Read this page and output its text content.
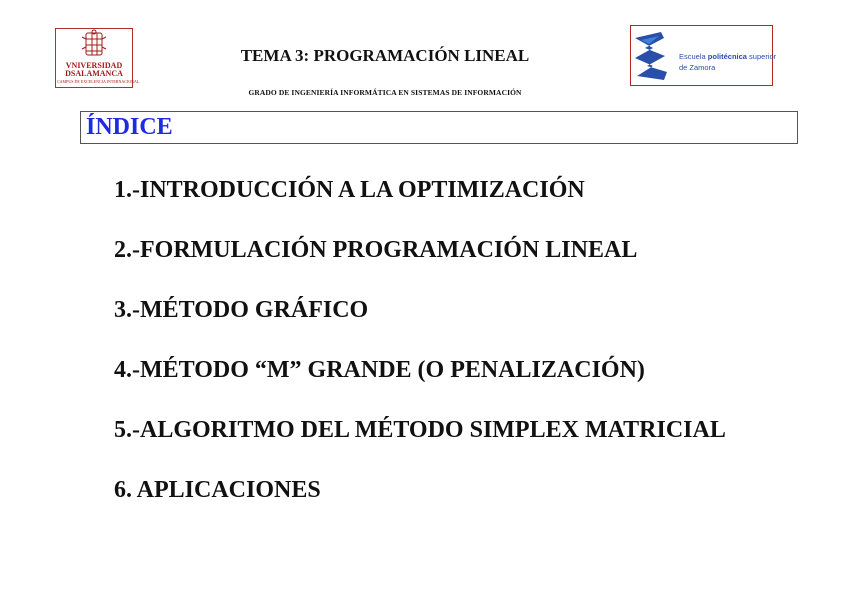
VNIVERSIDAD
DSALAMANCA
CAMPUS DE EXCELENCIA INTERNACIONAL
TEMA 3: PROGRAMACIÓN LINEAL
GRADO DE INGENIERÍA INFORMÁTICA EN SISTEMAS DE INFORMACIÓN
Escuela politécnica superior
de Zamora
ÍNDICE
1.-INTRODUCCIÓN A LA OPTIMIZACIÓN
2.-FORMULACIÓN PROGRAMACIÓN LINEAL
3.-MÉTODO GRÁFICO
4.-MÉTODO “M” GRANDE (O PENALIZACIÓN)
5.-ALGORITMO DEL MÉTODO SIMPLEX MATRICIAL
6. APLICACIONES
